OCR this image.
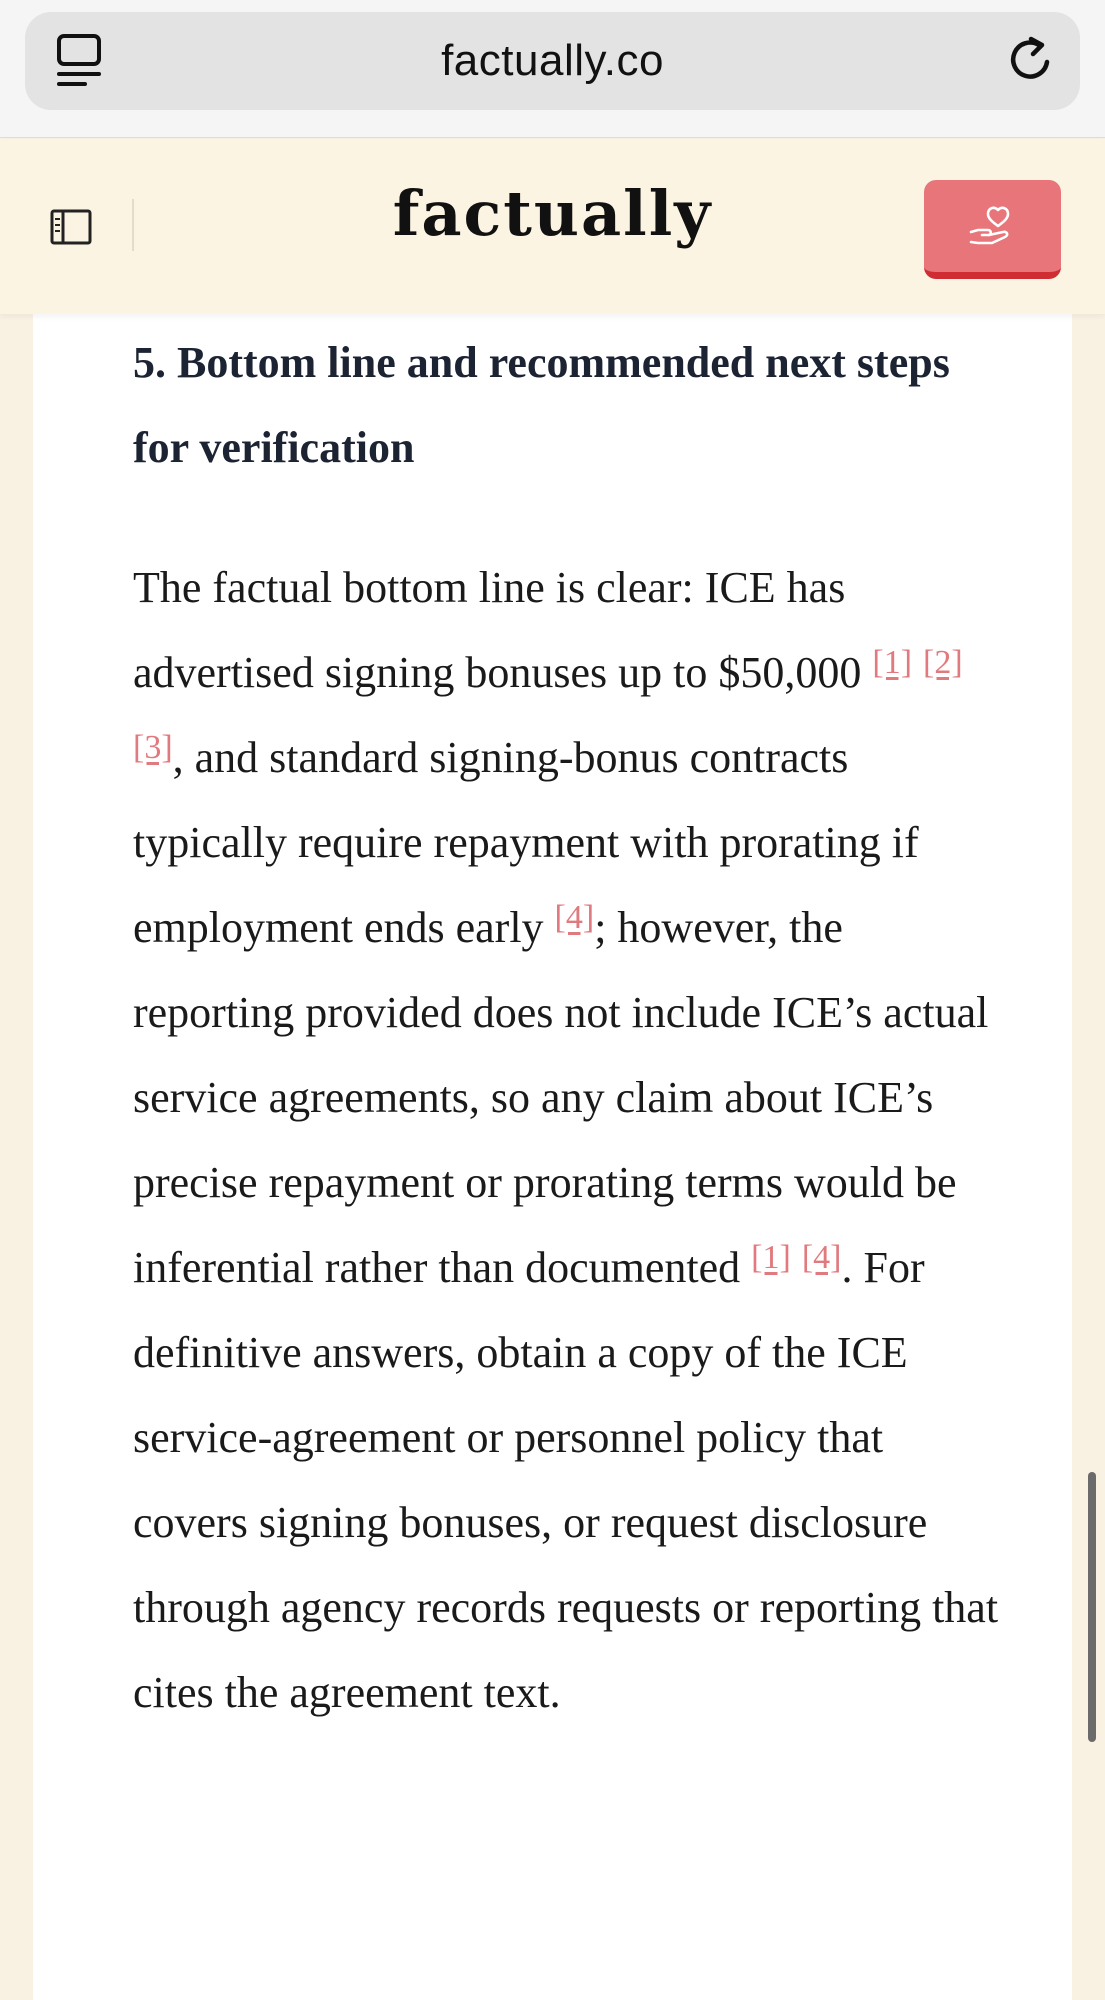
factually.co
factually
5. Bottom line and recommended next steps for verification

The factual bottom line is clear: ICE has advertised signing bonuses up to $50,000 [1] [2] [3], and standard signing-bonus contracts typically require repayment with prorating if employment ends early [4]; however, the reporting provided does not include ICE’s actual service agreements, so any claim about ICE’s precise repayment or prorating terms would be inferential rather than documented [1] [4]. For definitive answers, obtain a copy of the ICE service-agreement or personnel policy that covers signing bonuses, or request disclosure through agency records requests or reporting that cites the agreement text.
